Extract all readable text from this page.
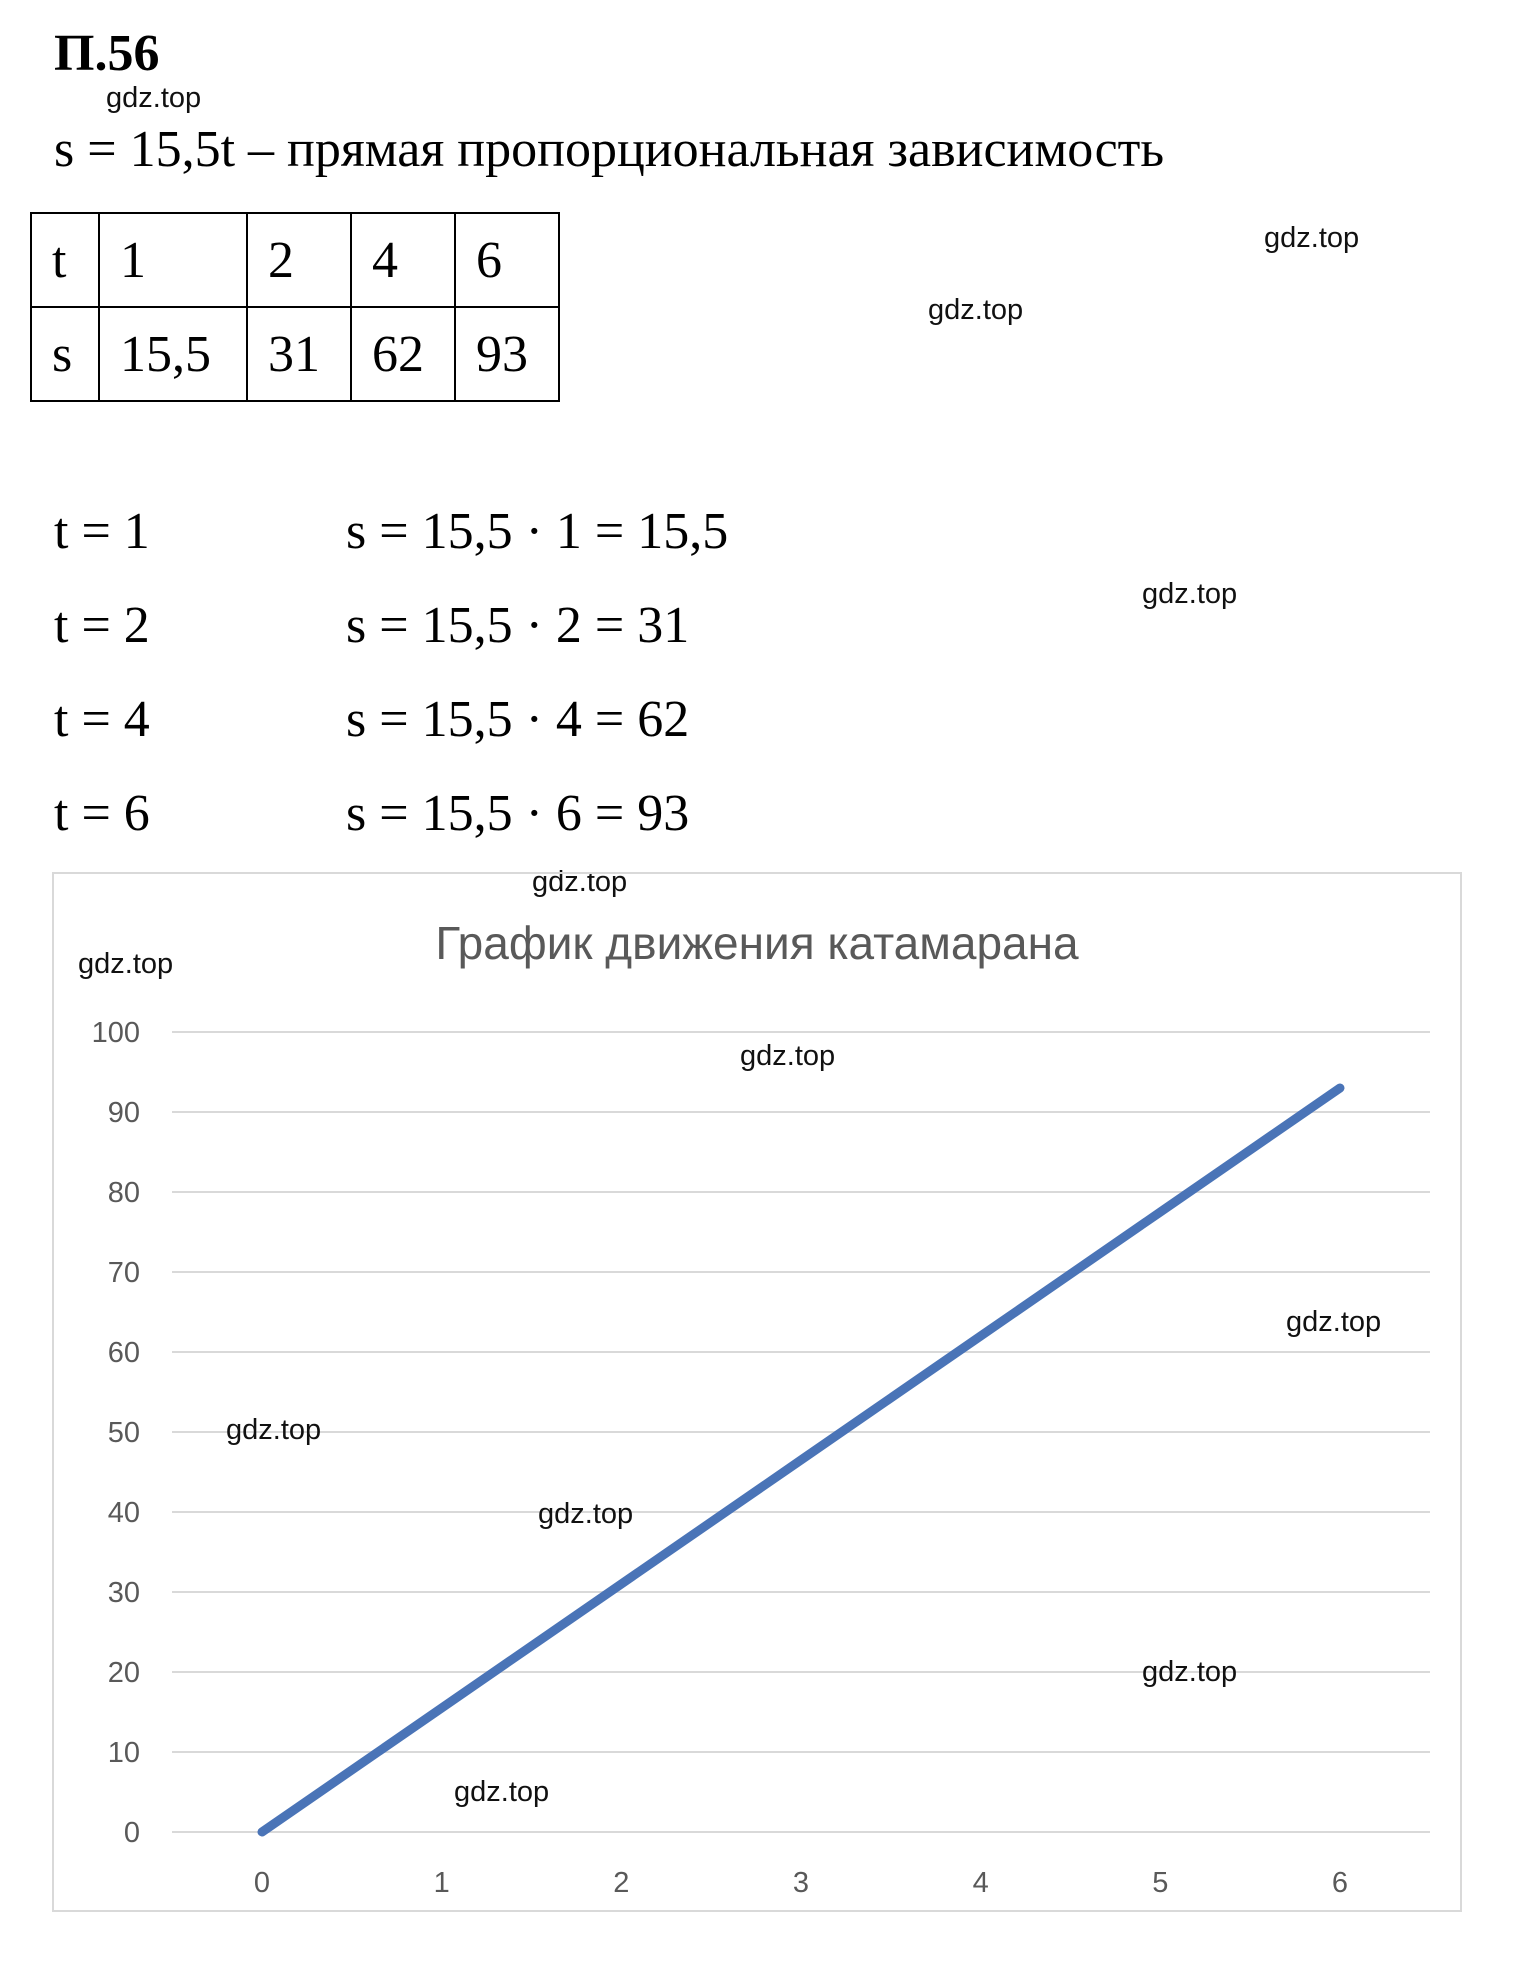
П.56
gdz.top
s = 15,5t – прямая пропорциональная зависимость
t	1	2	4	6
s	15,5	31	62	93
gdz.top
gdz.top
t = 1	s = 15,5 · 1 = 15,5
t = 2	s = 15,5 · 2 = 31
t = 4	s = 15,5 · 4 = 62
t = 6	s = 15,5 · 6 = 93
gdz.top
gdz.top
График движения катамарана
0
10
20
30
40
50
60
70
80
90
100
0	1	2	3	4	5	6
gdz.top
gdz.top
gdz.top
gdz.top
gdz.top
gdz.top
gdz.top
